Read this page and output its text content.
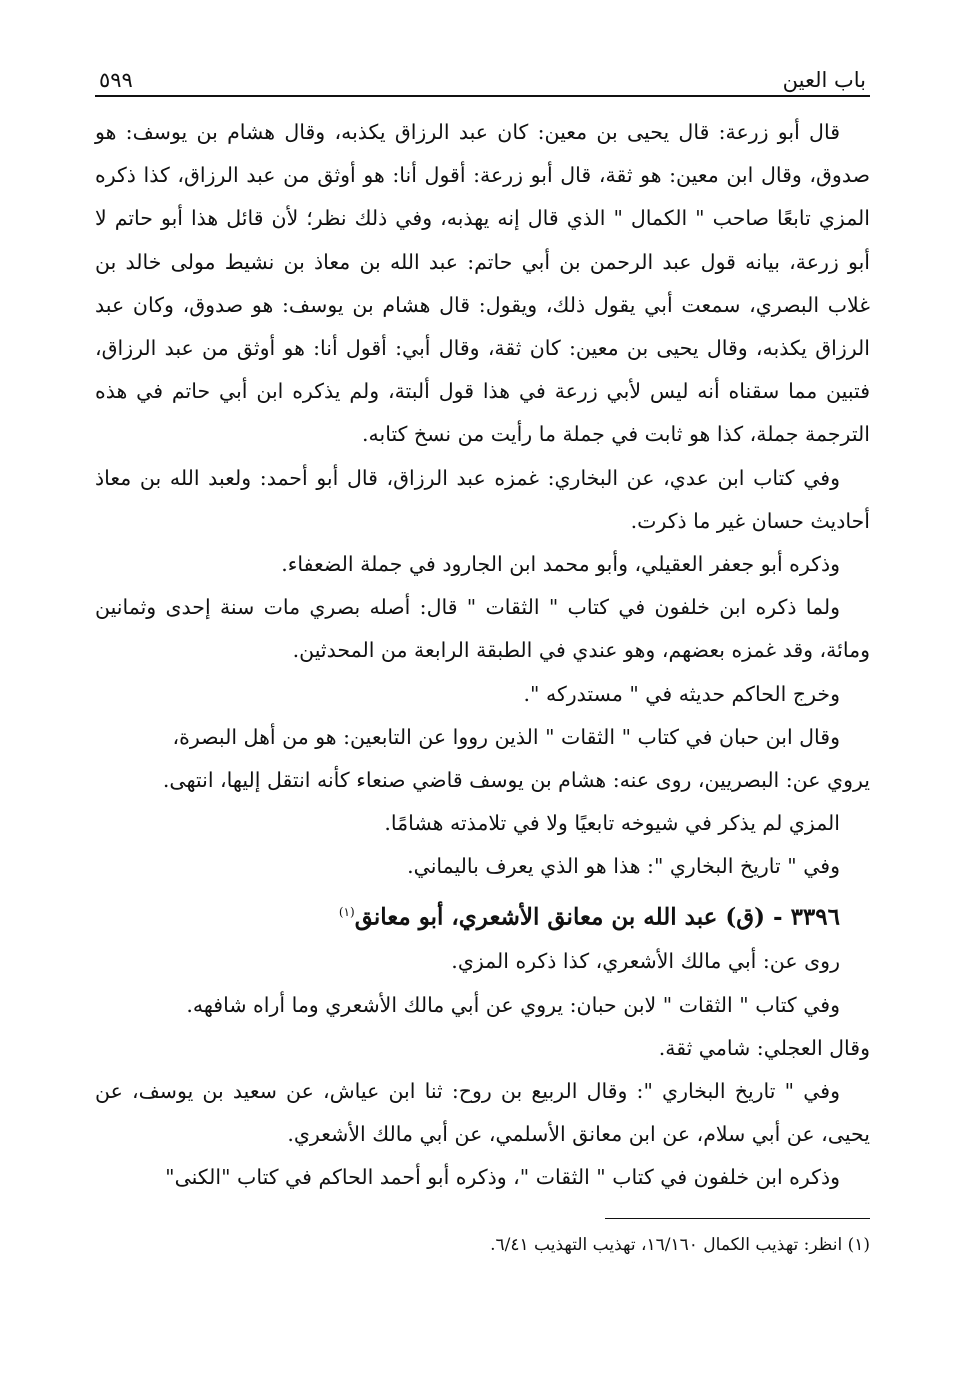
باب العين
٥٩٩

قال أبو زرعة: قال يحيى بن معين: كان عبد الرزاق يكذبه، وقال هشام بن يوسف: هو صدوق، وقال ابن معين: هو ثقة، قال أبو زرعة: أقول أنا: هو أوثق من عبد الرزاق، كذا ذكره المزي تابعًا صاحب " الكمال " الذي قال إنه يهذبه، وفي ذلك نظر؛ لأن قائل هذا أبو حاتم لا أبو زرعة، بيانه قول عبد الرحمن بن أبي حاتم: عبد الله بن معاذ بن نشيط مولى خالد بن غلاب البصري، سمعت أبي يقول ذلك، ويقول: قال هشام بن يوسف: هو صدوق، وكان عبد الرزاق يكذبه، وقال يحيى بن معين: كان ثقة، وقال أبي: أقول أنا: هو أوثق من عبد الرزاق، فتبين مما سقناه أنه ليس لأبي زرعة في هذا قول ألبتة، ولم يذكره ابن أبي حاتم في هذه الترجمة جملة، كذا هو ثابت في جملة ما رأيت من نسخ كتابه.

وفي كتاب ابن عدي، عن البخاري: غمزه عبد الرزاق، قال أبو أحمد: ولعبد الله بن معاذ أحاديث حسان غير ما ذكرت.

وذكره أبو جعفر العقيلي، وأبو محمد ابن الجارود في جملة الضعفاء.

ولما ذكره ابن خلفون في كتاب " الثقات " قال: أصله بصري مات سنة إحدى وثمانين ومائة، وقد غمزه بعضهم، وهو عندي في الطبقة الرابعة من المحدثين.

وخرج الحاكم حديثه في " مستدركه ".

وقال ابن حبان في كتاب " الثقات " الذين رووا عن التابعين: هو من أهل البصرة،

يروي عن: البصريين، روى عنه: هشام بن يوسف قاضي صنعاء كأنه انتقل إليها، انتهى.

المزي لم يذكر في شيوخه تابعيًا ولا في تلامذته هشامًا.

وفي " تاريخ البخاري ": هذا هو الذي يعرف باليماني.

٣٣٩٦ - (ق) عبد الله بن معانق الأشعري، أبو معانق$^{(١)}$

روى عن: أبي مالك الأشعري، كذا ذكره المزي.

وفي كتاب " الثقات " لابن حبان: يروي عن أبي مالك الأشعري وما أراه شافهه.

وقال العجلي: شامي ثقة.

وفي " تاريخ البخاري ": وقال الربيع بن روح: ثنا ابن عياش، عن سعيد بن يوسف، عن يحيى، عن أبي سلام، عن ابن معانق الأسلمي، عن أبي مالك الأشعري.

وذكره ابن خلفون في كتاب " الثقات "، وذكره أبو أحمد الحاكم في كتاب "الكنى"

(١) انظر: تهذيب الكمال ١٦/١٦٠، تهذيب التهذيب ٦/٤١.
